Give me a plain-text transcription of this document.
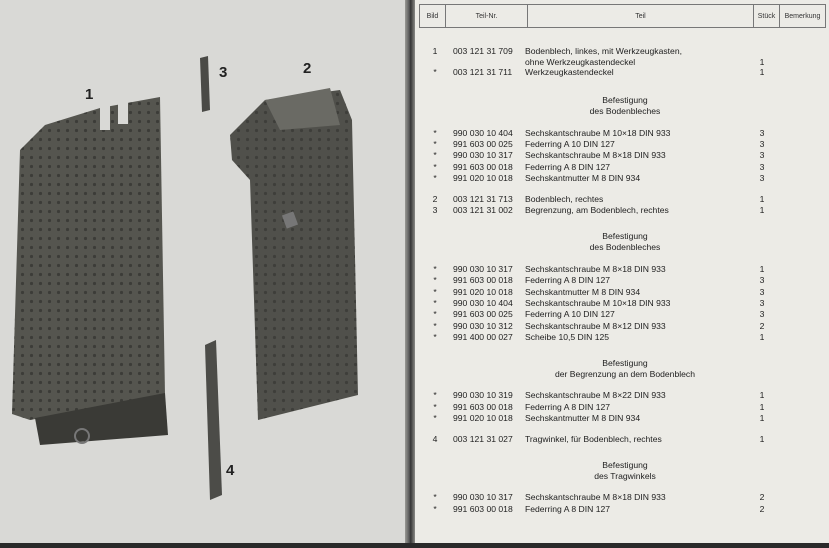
1
2
3
4
Bild	Teil-Nr.	Teil	Stück	Bemerkung
1	003 121 31 709 Bodenblech, linkes, mit Werkzeugkasten,
ohne Werkzeugkastendeckel	1
*	003 121 31 711 Werkzeugkastendeckel	1
*	990 030 10 404 Sechskantschraube M 10×18 DIN 933	3
*	991 603 00 025 Federring A 10 DIN 127	3
*	990 030 10 317 Sechskantschraube M 8×18 DIN 933	3
*	991 603 00 018 Federring A 8 DIN 127	3
*	991 020 10 018 Sechskantmutter M 8 DIN 934	3
2	003 121 31 713 Bodenblech, rechtes	1
3	003 121 31 002 Begrenzung, am Bodenblech, rechtes	1
*	990 030 10 317 Sechskantschraube M 8×18 DIN 933	1
*	991 603 00 018 Federring A 8 DIN 127	3
*	991 020 10 018 Sechskantmutter M 8 DIN 934	3
*	990 030 10 404 Sechskantschraube M 10×18 DIN 933	3
*	991 603 00 025 Federring A 10 DIN 127	3
*	990 030 10 312 Sechskantschraube M 8×12 DIN 933	2
*	991 400 00 027 Scheibe 10,5 DIN 125	1
*	990 030 10 319 Sechskantschraube M 8×22 DIN 933	1
*	991 603 00 018 Federring A 8 DIN 127	1
*	991 020 10 018 Sechskantmutter M 8 DIN 934	1
4	003 121 31 027 Tragwinkel, für Bodenblech, rechtes	1
*	990 030 10 317 Sechskantschraube M 8×18 DIN 933	2
*	991 603 00 018 Federring A 8 DIN 127	2
Befestigung
des Bodenbleches
Befestigung
des Bodenbleches
Befestigung
der Begrenzung an dem Bodenblech
Befestigung
des Tragwinkels
